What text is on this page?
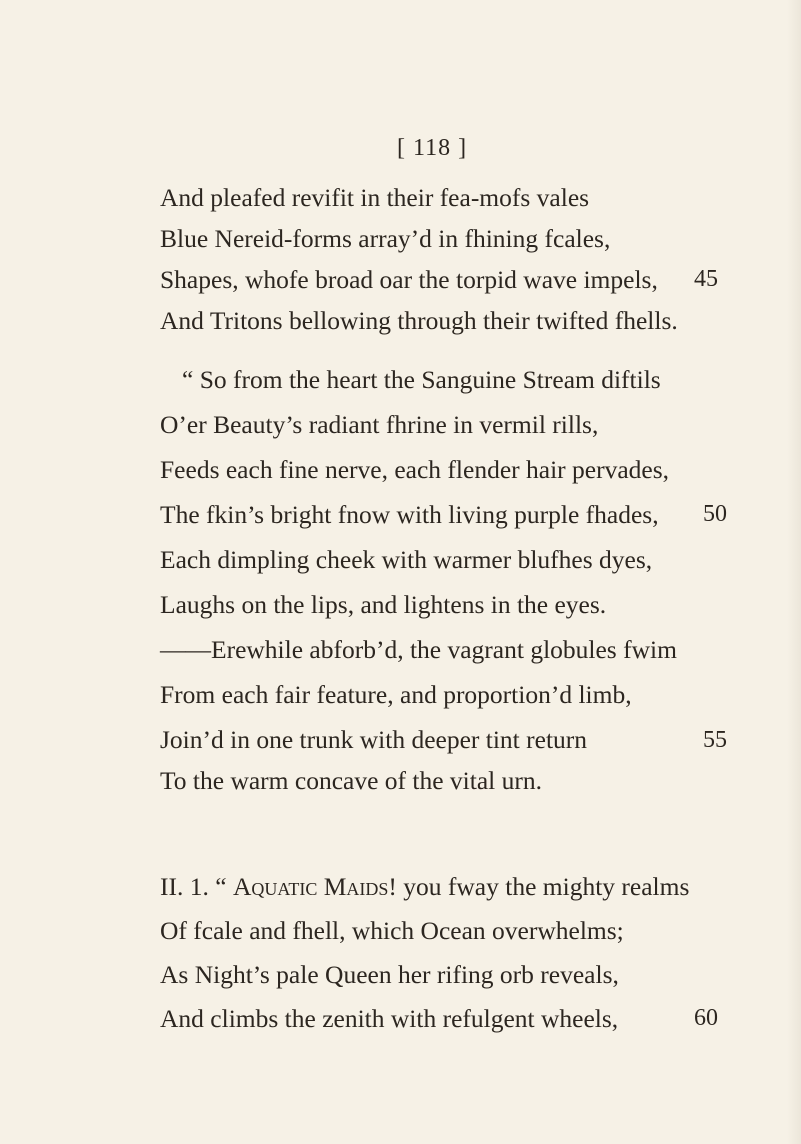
[ 118 ]
And pleafed revifit in their fea-mofs vales
Blue Nereid-forms array’d in fhining fcales,
Shapes, whofe broad oar the torpid wave impels, 45
And Tritons bellowing through their twifted fhells.
“ So from the heart the Sanguine Stream diftils
O’er Beauty’s radiant fhrine in vermil rills,
Feeds each fine nerve, each flender hair pervades,
The fkin’s bright fnow with living purple fhades, 50
Each dimpling cheek with warmer blufhes dyes,
Laughs on the lips, and lightens in the eyes.
——Erewhile abforb’d, the vagrant globules fwim
From each fair feature, and proportion’d limb,
Join’d in one trunk with deeper tint return	55
To the warm concave of the vital urn.
II. 1. “ Aquatic Maids! you fway the mighty realms
Of fcale and fhell, which Ocean overwhelms;
As Night’s pale Queen her rifing orb reveals,
And climbs the zenith with refulgent wheels,	60
